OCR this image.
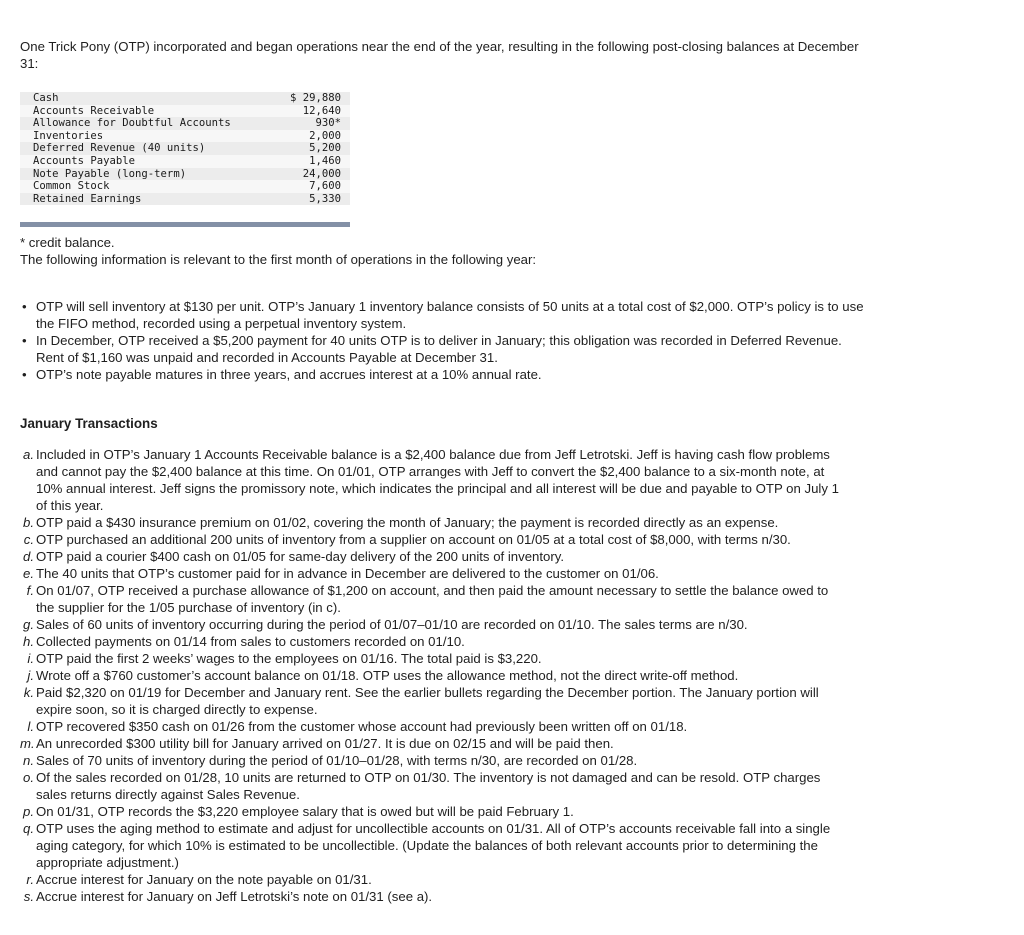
One Trick Pony (OTP) incorporated and began operations near the end of the year, resulting in the following post-closing balances at December 31:

Cash	$ 29,880
Accounts Receivable	12,640
Allowance for Doubtful Accounts	930*
Inventories	2,000
Deferred Revenue (40 units)	5,200
Accounts Payable	1,460
Note Payable (long-term)	24,000
Common Stock	7,600
Retained Earnings	5,330

* credit balance.

The following information is relevant to the first month of operations in the following year:

• OTP will sell inventory at $130 per unit. OTP’s January 1 inventory balance consists of 50 units at a total cost of $2,000. OTP’s policy is to use the FIFO method, recorded using a perpetual inventory system.
• In December, OTP received a $5,200 payment for 40 units OTP is to deliver in January; this obligation was recorded in Deferred Revenue. Rent of $1,160 was unpaid and recorded in Accounts Payable at December 31.
• OTP’s note payable matures in three years, and accrues interest at a 10% annual rate.
January Transactions
a. Included in OTP’s January 1 Accounts Receivable balance is a $2,400 balance due from Jeff Letrotski. Jeff is having cash flow problems and cannot pay the $2,400 balance at this time. On 01/01, OTP arranges with Jeff to convert the $2,400 balance to a six-month note, at 10% annual interest. Jeff signs the promissory note, which indicates the principal and all interest will be due and payable to OTP on July 1 of this year.
b. OTP paid a $430 insurance premium on 01/02, covering the month of January; the payment is recorded directly as an expense.
c. OTP purchased an additional 200 units of inventory from a supplier on account on 01/05 at a total cost of $8,000, with terms n/30.
d. OTP paid a courier $400 cash on 01/05 for same-day delivery of the 200 units of inventory.
e. The 40 units that OTP’s customer paid for in advance in December are delivered to the customer on 01/06.
f. On 01/07, OTP received a purchase allowance of $1,200 on account, and then paid the amount necessary to settle the balance owed to the supplier for the 1/05 purchase of inventory (in c).
g. Sales of 60 units of inventory occurring during the period of 01/07–01/10 are recorded on 01/10. The sales terms are n/30.
h. Collected payments on 01/14 from sales to customers recorded on 01/10.
i. OTP paid the first 2 weeks’ wages to the employees on 01/16. The total paid is $3,220.
j. Wrote off a $760 customer’s account balance on 01/18. OTP uses the allowance method, not the direct write-off method.
k. Paid $2,320 on 01/19 for December and January rent. See the earlier bullets regarding the December portion. The January portion will expire soon, so it is charged directly to expense.
l. OTP recovered $350 cash on 01/26 from the customer whose account had previously been written off on 01/18.
m. An unrecorded $300 utility bill for January arrived on 01/27. It is due on 02/15 and will be paid then.
n. Sales of 70 units of inventory during the period of 01/10–01/28, with terms n/30, are recorded on 01/28.
o. Of the sales recorded on 01/28, 10 units are returned to OTP on 01/30. The inventory is not damaged and can be resold. OTP charges sales returns directly against Sales Revenue.
p. On 01/31, OTP records the $3,220 employee salary that is owed but will be paid February 1.
q. OTP uses the aging method to estimate and adjust for uncollectible accounts on 01/31. All of OTP’s accounts receivable fall into a single aging category, for which 10% is estimated to be uncollectible. (Update the balances of both relevant accounts prior to determining the appropriate adjustment.)
r. Accrue interest for January on the note payable on 01/31.
s. Accrue interest for January on Jeff Letrotski’s note on 01/31 (see a).
